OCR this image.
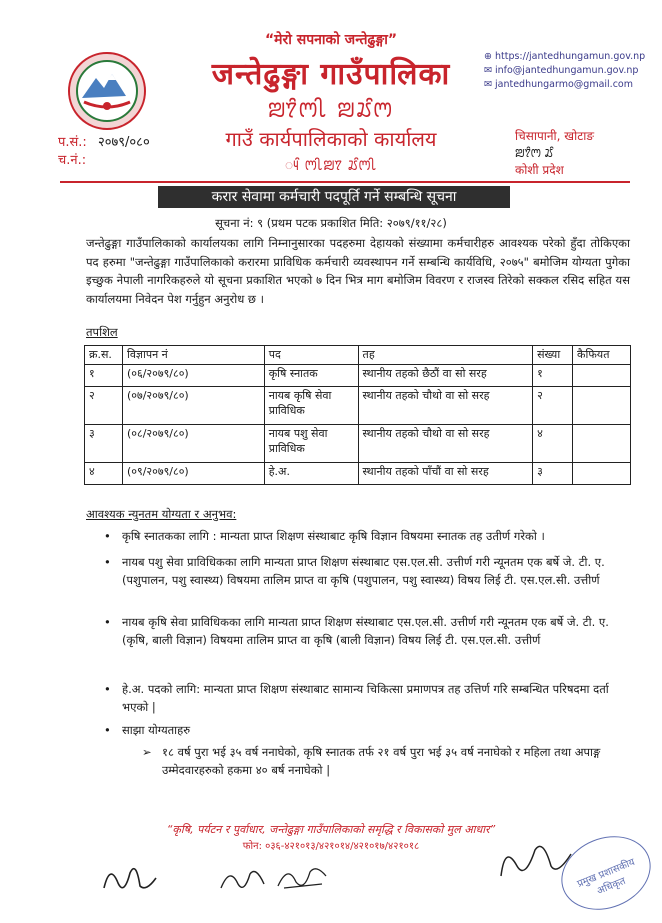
“मेरो सपनाको जन्तेढुङ्गा”
जन्तेढुङ्गा गाउँपालिका
ꢪꢵꢶꢳꢷ ꢪꢬꢶꢳ
गाउँ कार्यपालिकाको कार्यालय
ꢴꢶ ꢳꢷꢪꢵ ꢬꢶꢳꢷ
⊕ https://jantedhungamun.gov.np
✉ info@jantedhungamun.gov.np
✉ jantedhungarmo@gmail.com
प.सं.: २०७९/०८०
च.नं.:
चिसापानी, खोटाङ
ꢪꢵꢶꢳ ꢬꢶ
कोशी प्रदेश
करार सेवामा कर्मचारी पदपूर्ति गर्ने सम्बन्धि सूचना
सूचना नं: ९ (प्रथम पटक प्रकाशित मिति: २०७९/११/२८)
जन्तेढुङ्गा गाउँपालिकाको कार्यालयका लागि निम्नानुसारका पदहरुमा देहायको संख्यामा कर्मचारीहरु आवश्यक परेको हुँदा तोकिएका पद हरुमा "जन्तेढुङ्गा गाउँपालिकाको करारमा प्राविधिक कर्मचारी व्यवस्थापन गर्ने सम्बन्धि कार्यविधि, २०७५" बमोजिम योग्यता पुगेका इच्छुक नेपाली नागरिकहरुले यो सूचना प्रकाशित भएको ७ दिन भित्र माग बमोजिम विवरण र राजस्व तिरेको सक्कल रसिद सहित यस कार्यालयमा निवेदन पेश गर्नुहुन अनुरोध छ ।
तपशिल
क्र.स.	विज्ञापन नं	पद	तह	संख्या	कैफियत
१	(०६/२०७९/८०)	कृषि स्नातक	स्थानीय तहको छैठौं वा सो सरह	१	
२	(०७/२०७९/८०)	नायब कृषि सेवा प्राविधिक	स्थानीय तहको चौथो वा सो सरह	२	
३	(०८/२०७९/८०)	नायब पशु सेवा प्राविधिक	स्थानीय तहको चौथो वा सो सरह	४	
४	(०९/२०७९/८०)	हे.अ.	स्थानीय तहको पाँचौं वा सो सरह	३	
आवश्यक न्युनतम योग्यता र अनुभव:
• कृषि स्नातकका लागि : मान्यता प्राप्त शिक्षण संस्थाबाट कृषि विज्ञान विषयमा स्नातक तह उतीर्ण गरेको ।
• नायब पशु सेवा प्राविधिकका लागि मान्यता प्राप्त शिक्षण संस्थाबाट एस.एल.सी. उत्तीर्ण गरी न्यूनतम एक बर्षे जे. टी. ए. (पशुपालन, पशु स्वास्थ्य) विषयमा तालिम प्राप्त वा कृषि (पशुपालन, पशु स्वास्थ्य) विषय लिई टी. एस.एल.सी. उत्तीर्ण
• नायब कृषि सेवा प्राविधिकका लागि मान्यता प्राप्त शिक्षण संस्थाबाट एस.एल.सी. उत्तीर्ण गरी न्यूनतम एक बर्षे जे. टी. ए. (कृषि, बाली विज्ञान) विषयमा तालिम प्राप्त वा कृषि (बाली विज्ञान) विषय लिई टी. एस.एल.सी. उत्तीर्ण
• हे.अ. पदको लागि: मान्यता प्राप्त शिक्षण संस्थाबाट सामान्य चिकित्सा प्रमाणपत्र तह उत्तिर्ण गरि सम्बन्धित परिषदमा दर्ता भएको |
• साझा योग्यताहरु
➢ १८ वर्ष पुरा भई ३५ वर्ष ननाघेको, कृषि स्नातक तर्फ २१ वर्ष पुरा भई ३५ वर्ष ननाघेको र महिला तथा अपाङ्ग उम्मेदवारहरुको हकमा ४० बर्ष ननाघेको |
“कृषि, पर्यटन र पुर्वाधार, जन्तेढुङ्गा गाउँपालिकाको समृद्धि र विकासको मुल आधार”
फोन: ०३६-४२१०१३/४२१०१४/४२१०१७/४२१०१८
प्रमुख प्रशासकीय अधिकृत
